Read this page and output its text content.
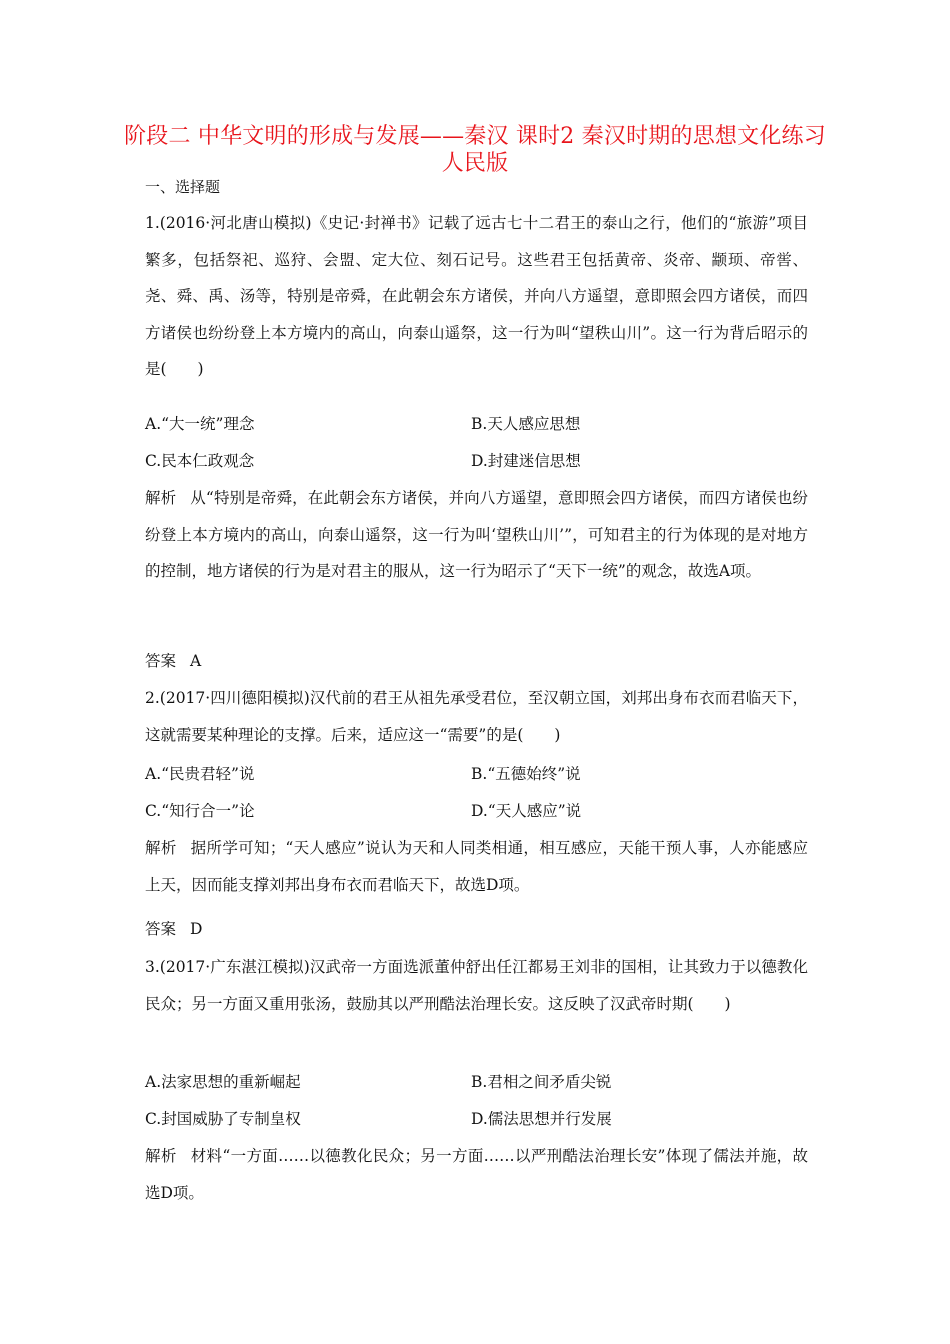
阶段二 中华文明的形成与发展——秦汉 课时2 秦汉时期的思想文化练习 人民版
一、选择题

1.(2016·河北唐山模拟)《史记·封禅书》记载了远古七十二君王的泰山之行，他们的“旅游”项目繁多，包括祭祀、巡狩、会盟、定大位、刻石记号。这些君王包括黄帝、炎帝、颛顼、帝喾、尧、舜、禹、汤等，特别是帝舜，在此朝会东方诸侯，并向八方遥望，意即照会四方诸侯，而四方诸侯也纷纷登上本方境内的高山，向泰山遥祭，这一行为叫“望秩山川”。这一行为背后昭示的是(　　)

A.“大一统”理念	B.天人感应思想
C.民本仁政观念	D.封建迷信思想

解析 从“特别是帝舜，在此朝会东方诸侯，并向八方遥望，意即照会四方诸侯，而四方诸侯也纷纷登上本方境内的高山，向泰山遥祭，这一行为叫‘望秩山川’”，可知君主的行为体现的是对地方的控制，地方诸侯的行为是对君主的服从，这一行为昭示了“天下一统”的观念，故选A项。

答案 A

2.(2017·四川德阳模拟)汉代前的君王从祖先承受君位，至汉朝立国，刘邦出身布衣而君临天下，这就需要某种理论的支撑。后来，适应这一“需要”的是(　　)

A.“民贵君轻”说	B.“五德始终”说
C.“知行合一”论	D.“天人感应”说

解析 据所学可知；“天人感应”说认为天和人同类相通，相互感应，天能干预人事，人亦能感应上天，因而能支撑刘邦出身布衣而君临天下，故选D项。

答案 D

3.(2017·广东湛江模拟)汉武帝一方面选派董仲舒出任江都易王刘非的国相，让其致力于以德教化民众；另一方面又重用张汤，鼓励其以严刑酷法治理长安。这反映了汉武帝时期(　　)

A.法家思想的重新崛起	B.君相之间矛盾尖锐
C.封国威胁了专制皇权	D.儒法思想并行发展

解析 材料“一方面……以德教化民众；另一方面……以严刑酷法治理长安”体现了儒法并施，故选D项。
